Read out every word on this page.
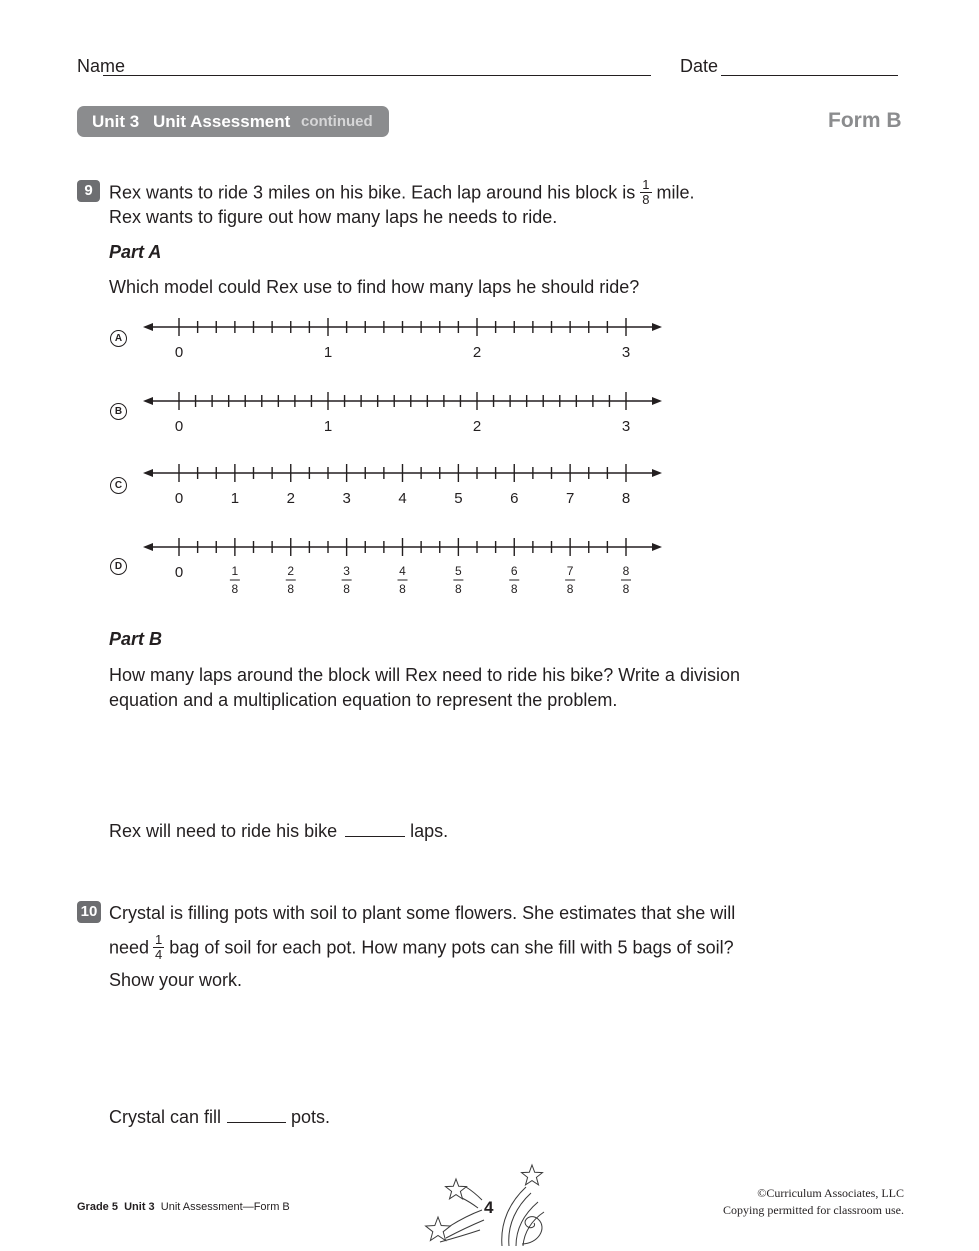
Name	Date
Unit 3 Unit Assessment continued	Form B
9 Rex wants to ride 3 miles on his bike. Each lap around his block is $\frac{1}{8}$ mile.
Rex wants to figure out how many laps he needs to ride.
Part A
Which model could Rex use to find how many laps he should ride?
A
B
C
D
0	1	2	3
0	1	2	3
0	1	2	3	4	5	6	7	8
0	1
8
2
8
3
8
4
8
5
8
6
8
7
8
8
8
Part B
How many laps around the block will Rex need to ride his bike? Write a division
equation and a multiplication equation to represent the problem.
Rex will need to ride his bike	laps.
10 Crystal is filling pots with soil to plant some flowers. She estimates that she will
need $\frac{1}{4}$ bag of soil for each pot. How many pots can she fill with 5 bags of soil?
Show your work.
Crystal can fill	pots.
Grade 5 Unit 3 Unit Assessment—Form B	4
©Curriculum Associates, LLC
Copying permitted for classroom use.
